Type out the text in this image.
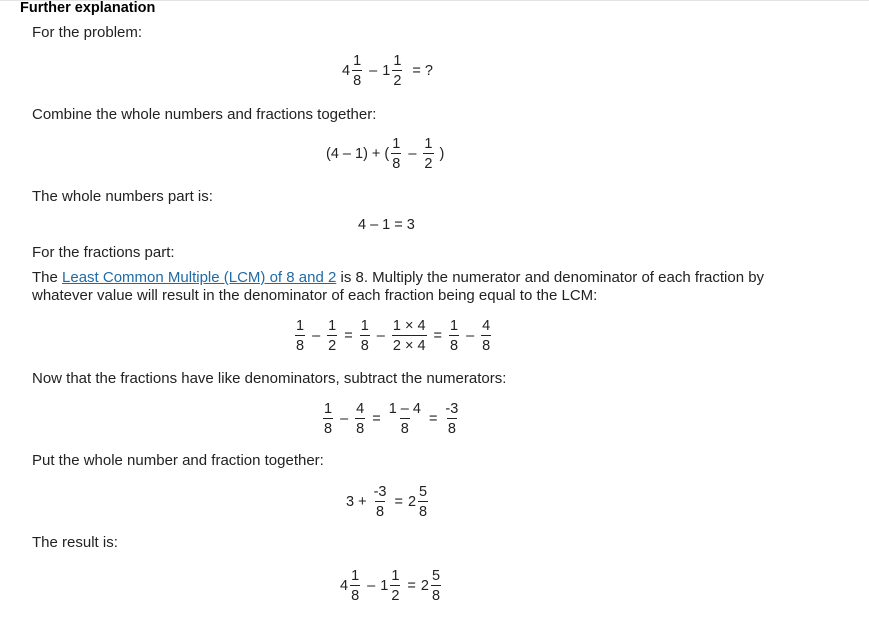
Further explanation
For the problem:
$4 \frac{1}{8} - 1 \frac{1}{2}$ = ?
Combine the whole numbers and fractions together:
(4 – 1) + ( $\frac{1}{8} - \frac{1}{2}$ )
The whole numbers part is:
4 – 1 = 3
For the fractions part:
The Least Common Multiple (LCM) of 8 and 2 is 8. Multiply the numerator and denominator of each fraction by whatever value will result in the denominator of each fraction being equal to the LCM:
$\frac{1}{8} - \frac{1}{2} = \frac{1}{8} - \frac{1 \times 4}{2 \times 4} = \frac{1}{8} - \frac{4}{8}$
Now that the fractions have like denominators, subtract the numerators:
$\frac{1}{8} - \frac{4}{8} = \frac{1 - 4}{8} = \frac{-3}{8}$
Put the whole number and fraction together:
$3 + \frac{-3}{8} = 2 \frac{5}{8}$
The result is:
$4 \frac{1}{8} - 1 \frac{1}{2} = 2 \frac{5}{8}$
